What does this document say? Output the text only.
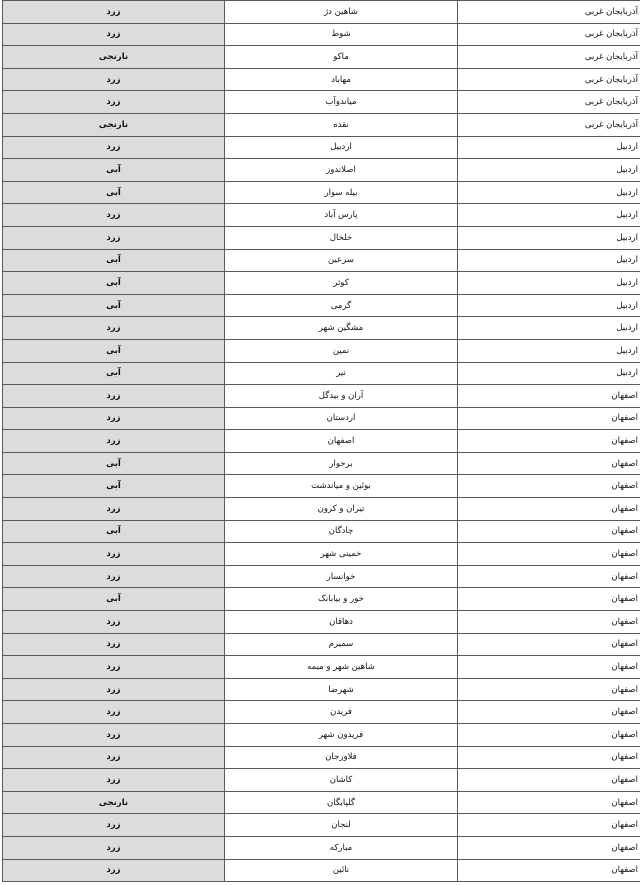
آذربایجان غربی	شاهین دژ	زرد
آذربایجان غربی	شوط	زرد
آذربایجان غربی	ماکو	نارنجی
آذربایجان غربی	مهاباد	زرد
آذربایجان غربی	میاندوآب	زرد
آذربایجان غربی	نقده	نارنجی
اردبیل	اردبیل	زرد
اردبیل	اصلاندوز	آبی
اردبیل	بیله سوار	آبی
اردبیل	پارس آباد	زرد
اردبیل	خلخال	زرد
اردبیل	سرعین	آبی
اردبیل	کوثر	آبی
اردبیل	گرمی	آبی
اردبیل	مشگین شهر	زرد
اردبیل	نمین	آبی
اردبیل	نیر	آبی
اصفهان	آران و بیدگل	زرد
اصفهان	اردستان	زرد
اصفهان	اصفهان	زرد
اصفهان	برخوار	آبی
اصفهان	بوئین و میاندشت	آبی
اصفهان	تیران و کرون	زرد
اصفهان	چادگان	آبی
اصفهان	خمینی شهر	زرد
اصفهان	خوانسار	زرد
اصفهان	خور و بیابانک	آبی
اصفهان	دهاقان	زرد
اصفهان	سمیرم	زرد
اصفهان	شاهین شهر و میمه	زرد
اصفهان	شهرضا	زرد
اصفهان	فریدن	زرد
اصفهان	فریدون شهر	زرد
اصفهان	فلاورجان	زرد
اصفهان	کاشان	زرد
اصفهان	گلپایگان	نارنجی
اصفهان	لنجان	زرد
اصفهان	مبارکه	زرد
اصفهان	نائین	زرد
